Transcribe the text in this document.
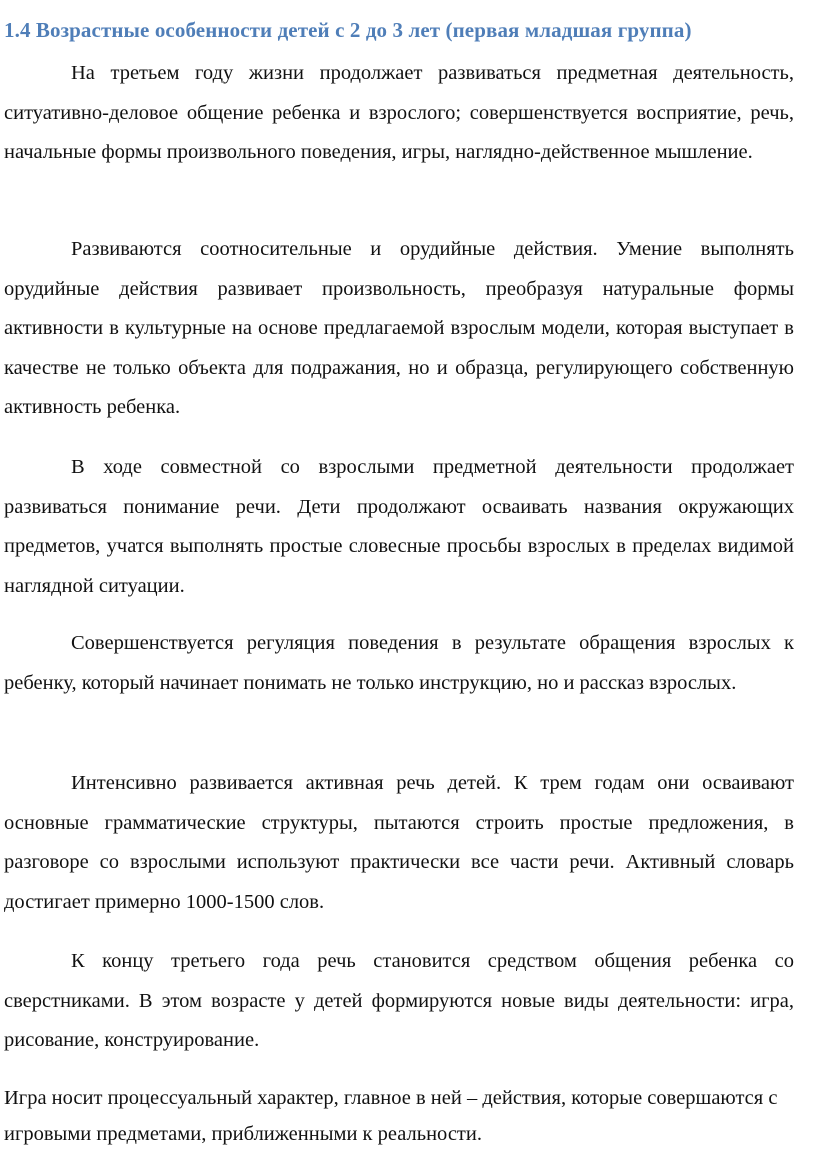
1.4 Возрастные особенности детей с 2 до 3 лет (первая младшая группа)

На третьем году жизни продолжает развиваться предметная деятельность, ситуативно-деловое общение ребенка и взрослого; совершенствуется восприятие, речь, начальные формы произвольного поведения, игры, наглядно-действенное мышление.

Развиваются соотносительные и орудийные действия. Умение выполнять орудийные действия развивает произвольность, преобразуя натуральные формы активности в культурные на основе предлагаемой взрослым модели, которая выступает в качестве не только объекта для подражания, но и образца, регулирующего собственную активность ребенка.

В ходе совместной со взрослыми предметной деятельности продолжает развиваться понимание речи. Дети продолжают осваивать названия окружающих предметов, учатся выполнять простые словесные просьбы взрослых в пределах видимой наглядной ситуации.

Совершенствуется регуляция поведения в результате обращения взрослых к ребенку, который начинает понимать не только инструкцию, но и рассказ взрослых.

Интенсивно развивается активная речь детей. К трем годам они осваивают основные грамматические структуры, пытаются строить простые предложения, в разговоре со взрослыми используют практически все части речи. Активный словарь достигает примерно 1000-1500 слов.

К концу третьего года речь становится средством общения ребенка со сверстниками. В этом возрасте у детей формируются новые виды деятельности: игра, рисование, конструирование.

Игра носит процессуальный характер, главное в ней – действия, которые совершаются с игровыми предметами, приближенными к реальности.
